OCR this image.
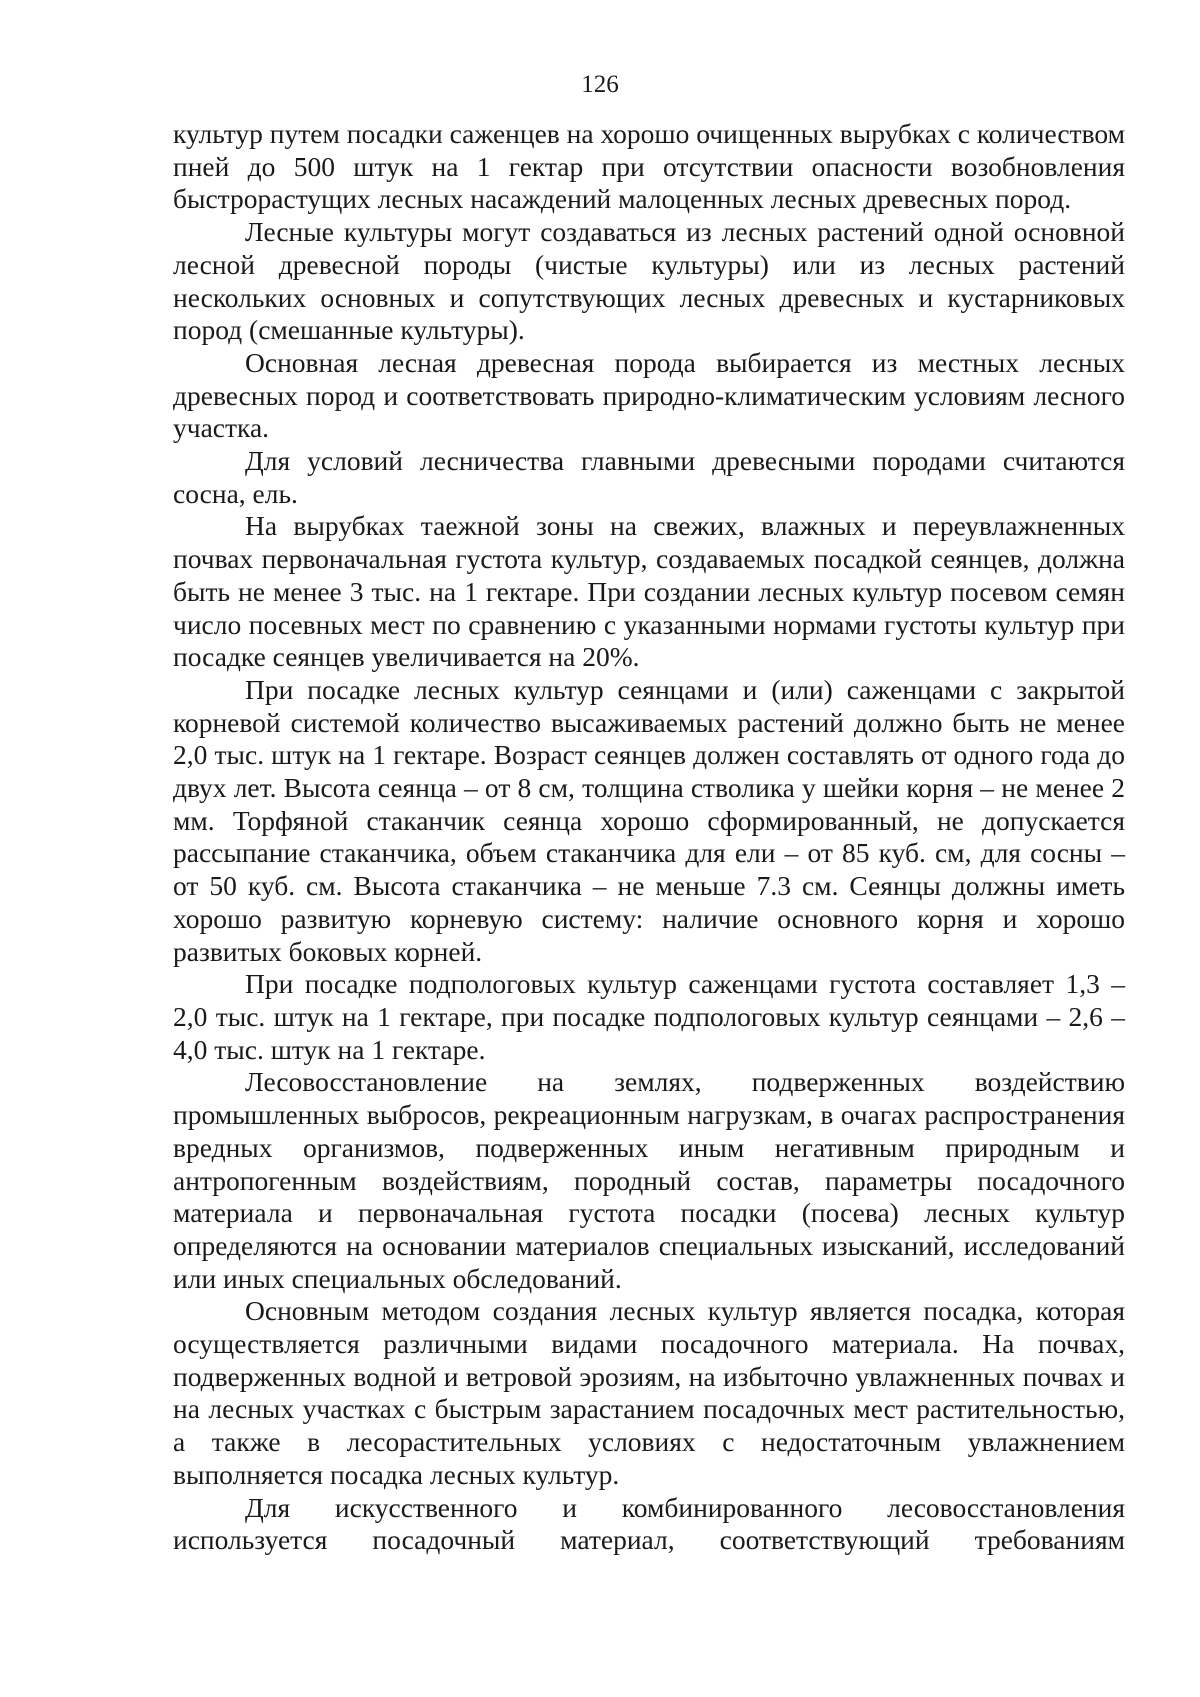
126

культур путем посадки саженцев на хорошо очищенных вырубках с количеством пней до 500 штук на 1 гектар при отсутствии опасности возобновления быстрорастущих лесных насаждений малоценных лесных древесных пород.

Лесные культуры могут создаваться из лесных растений одной основной лесной древесной породы (чистые культуры) или из лесных растений нескольких основных и сопутствующих лесных древесных и кустарниковых пород (смешанные культуры).

Основная лесная древесная порода выбирается из местных лесных древесных пород и соответствовать природно-климатическим условиям лесного участка.

Для условий лесничества главными древесными породами считаются сосна, ель.

На вырубках таежной зоны на свежих, влажных и переувлажненных почвах первоначальная густота культур, создаваемых посадкой сеянцев, должна быть не менее 3 тыс. на 1 гектаре. При создании лесных культур посевом семян число посевных мест по сравнению с указанными нормами густоты культур при посадке сеянцев увеличивается на 20%.

При посадке лесных культур сеянцами и (или) саженцами с закрытой корневой системой количество высаживаемых растений должно быть не менее 2,0 тыс. штук на 1 гектаре. Возраст сеянцев должен составлять от одного года до двух лет. Высота сеянца – от 8 см, толщина стволика у шейки корня – не менее 2 мм. Торфяной стаканчик сеянца хорошо сформированный, не допускается рассыпание стаканчика, объем стаканчика для ели – от 85 куб. см, для сосны – от 50 куб. см. Высота стаканчика – не меньше 7.3 см. Сеянцы должны иметь хорошо развитую корневую систему: наличие основного корня и хорошо развитых боковых корней.

При посадке подпологовых культур саженцами густота составляет 1,3 – 2,0 тыс. штук на 1 гектаре, при посадке подпологовых культур сеянцами – 2,6 – 4,0 тыс. штук на 1 гектаре.

Лесовосстановление на землях, подверженных воздействию промышленных выбросов, рекреационным нагрузкам, в очагах распространения вредных организмов, подверженных иным негативным природным и антропогенным воздействиям, породный состав, параметры посадочного материала и первоначальная густота посадки (посева) лесных культур определяются на основании материалов специальных изысканий, исследований или иных специальных обследований.

Основным методом создания лесных культур является посадка, которая осуществляется различными видами посадочного материала. На почвах, подверженных водной и ветровой эрозиям, на избыточно увлажненных почвах и на лесных участках с быстрым зарастанием посадочных мест растительностью, а также в лесорастительных условиях с недостаточным увлажнением выполняется посадка лесных культур.

Для искусственного и комбинированного лесовосстановления используется посадочный материал, соответствующий требованиям
